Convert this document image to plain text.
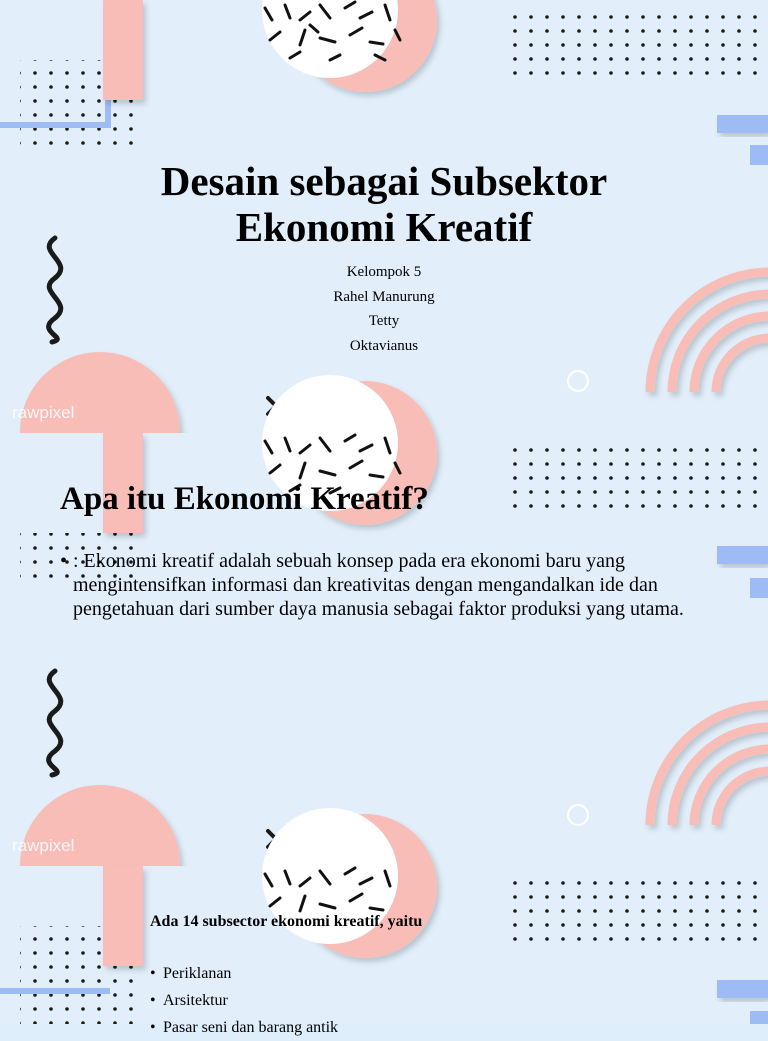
rawpixel
Desain sebagai Subsektor
Ekonomi Kreatif
Kelompok 5
Rahel Manurung
Tetty
Oktavianus
rawpixel
Apa itu Ekonomi Kreatif?
• : Ekonomi kreatif adalah sebuah konsep pada era ekonomi baru yang mengintensifkan informasi dan kreativitas dengan mengandalkan ide dan pengetahuan dari sumber daya manusia sebagai faktor produksi yang utama.
Ada 14 subsector ekonomi kreatif, yaitu
• Periklanan
• Arsitektur
• Pasar seni dan barang antik
